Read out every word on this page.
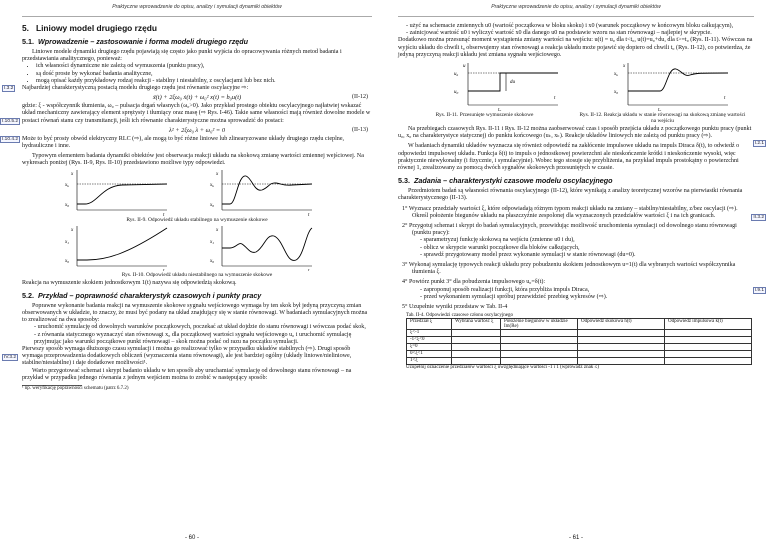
Praktyczne wprowadzenie do opisu, analizy i symulacji dynamiki obiektów
5. Liniowy model drugiego rzędu
5.1. Wprowadzenie – zastosowanie i forma modeli drugiego rzędu

Liniowe modele dynamiki drugiego rzędu pojawiają się często jako punkt wyjścia do opracowywania różnych metod badania i przedstawiania analitycznego, ponieważ:

• ich własności dynamiczne nie zależą od wymuszenia (punktu pracy),
• są dość proste by wykonać badania analityczne,
• mogą opisać każdy przykładowy rodzaj reakcji - stabilny i niestabilny, z oscylacjami lub bez nich.
I.3.2	Najbardziej charakterystyczną postacią modelu drugiego rzędu jest równanie oscylacyjne ⇨:

ẍ(t) + 2ξω₀ ẋ(t) + ω₀² x(t) = b₀u(t)	(II-12)
I.10.5.2

gdzie: ξ - współczynnik tłumienia, ω₀ – pulsacja drgań własnych (ω₀>0). Jako przykład prostego obiektu oscylacyjnego najłatwiej wskazać układ mechaniczny zawierający element sprężysty i tłumiący oraz masę (⇨ Rys. I-46). Takie same własności mają również dowolne modele w postaci równań stanu czy transmitancji, jeśli ich równanie charakterystyczne można sprowadzić do postaci:

λ² + 2ξω₀ λ + ω₀² = 0	(II-13)
I.10.4.2 Może to być prosty obwód elektryczny RLC (⇨), ale mogą to być różne liniowe lub zlinearyzowane układy drugiego rzędu cieplne, hydrauliczne i inne.

Typowym elementem badania dynamiki obiektów jest obserwacja reakcji układu na skokową zmianę wartości zmiennej wejściowej. Na wykresach poniżej (Rys. II-9, Rys. II-10) przedstawiono możliwe typy odpowiedzi.

x
t
$x_k$
$x_0$
x
t
$x_k$
$x_0$
Rys. II-9. Odpowiedź układu stabilnego na wymuszenie skokowe
x
$x_1$
$x_0$
x
$x_1$
$x_0$
Rys. II-10. Odpowiedź układu niestabilnego na wymuszenie skokowe

Reakcja na wymuszenie skokiem jednostkowym 1(t) nazywa się odpowiedzią skokową.

5.2. Przykład – poprawność charakterystyk czasowych i punkty pracy

Poprawne wykonanie badania reakcji na wymuszenie skokowe sygnału wejściowego wymaga by ten skok był jedyną przyczyną zmian obserwowanych w układzie, to znaczy, że musi być podany na układ znajdujący się w stanie równowagi. W badaniach symulacyjnych można to zrealizować na dwa sposoby:

- uruchomić symulację od dowolnych warunków początkowych, poczekać aż układ dojdzie do stanu równowagi i wówczas podać skok,
- z równania statycznego wyznaczyć stan równowagi x₀ dla początkowej wartości sygnału wejściowego u₀ i uruchomić symulację przyjmując jako warunki początkowe punkt równowagi – skok można podać od razu na początku symulacji.
IV.3.2

Pierwszy sposób wymaga dłuższego czasu symulacji i można go realizować tylko w przypadku układów stabilnych (⇨). Drugi sposób wymaga przeprowadzenia dodatkowych obliczeń (wyznaczenia stanu równowagi), ale jest bardziej ogólny (układy liniowe/nieliniowe, stabilne/niestabilne) i daje dodatkowe możliwości¹.

Warto przygotować schemat i skrypt badanio układu w ten sposób aby uruchamiać symulację od dowolnego stanu równowagi – na przykład w przypadku jednego równania z jednym wejściem można to zrobić w następujący sposób:

¹ np. weryfikację poprawności schematu (patrz 6.7.2)
- 60 -
Praktyczne wprowadzenie do opisu, analizy i symulacji dynamiki obiektów
- użyć na schemacie zmiennych u0 (wartość początkowa w bloku skoku) i x0 (warunek początkowy w końcowym bloku całkującym),
- zainicjować wartość u0 i wyliczyć wartość x0 dla danego u0 na podstawie wzoru na stan równowagi – najlepiej w skrypcie.

Dodatkowo można przesunąć moment wystąpienia zmiany wartości na wejściu: u(t) = u₀ dla t<t₀, u(t)=u₀+du, dla t>=t₀ (Rys. II-11). Wówczas na wyjściu układu do chwili t₀ obserwujemy stan równowagi a reakcja układu może pojawić się dopiero od chwili t₀ (Rys. II-12), co potwierdza, że jedyną przyczyną reakcji układu jest zmiana sygnału wejściowego.

u
t
$u_k$
$u_0$
$t_0$
du
x
t
$x_k$
$x_0$
$t_0$
Rys. II-11. Przesunięte wymuszenie skokowe	Rys. II-12. Reakcja układu w stanie równowagi na skokową zmianę wartości na wejściu
I.2.1

Na przebiegach czasowych Rys. II-11 i Rys. II-12 można zaobserwować czas i sposób przejścia układu z początkowego punktu pracy (punkt u₀, x₀ na charakterystyce statycznej) do punktu końcowego (uₖ, xₖ). Reakcje układów liniowych nie zależą od punktu pracy (⇨).

W badaniach dynamiki układów wyznacza się również odpowiedź na zakłócenie impulsowe układu na impuls Diraca δ(t), to odwiedź o odpowiedzi impulsowej układu. Funkcja δ(t) to impuls o jednostkowej powierzchni ale nieskończenie krótki i nieskończenie wysoki, więc praktycznie niewykonalny (i fizycznie, i symulacyjnie). Wobec tego stosuje się przybliżenia, na przykład impuls prostokątny o powierzchni równej 1, zrealizowany za pomocą dwóch sygnałów skokowych przesuniętych w czasie.

5.3. Zadania – charakterystyki czasowe modelu oscylacyjnego

Przedmiotem badań są własności równania oscylacyjnego (II-12), które wynikają z analizy teoretycznej wzorów na pierwiastki równania charakterystycznego (II-13).

II.3.2

1° Wyznacz przedziały wartości ξ, które odpowiadają różnym typom reakcji układu na zmiany – stabilny/niestabilny, z/bez oscylacji (⇨). Określ położenie biegunów układu na płaszczyźnie zespolonej dla wyznaczonych przedziałów wartości ξ i na ich granicach.

2° Przygotuj schemat i skrypt do badań symulacyjnych, przewidując możliwość uruchomienia symulacji od dowolnego stanu równowagi (punktu pracy):

- sparametryzuj funkcję skokową na wejściu (zmienne u0 i du),
- oblicz w skrypcie warunki początkowe dla bloków całkujących,
- sprawdź przygotowany model przez wykonanie symulacji w stanie równowagi (du=0).

3° Wykonaj symulację typowych reakcji układu przy pobudzeniu skokiem jednostkowym u=1(t) dla wybranych wartości współczynnika tłumienia ξ.

I.9.1

4° Powtórz punkt 3° dla pobudzenia impulsowego u₀=δ(t):

- zaproponuj sposób realizacji funkcji, która przybliża impuls Diraca,
- przed wykonaniem symulacji spróbuj przewidzieć przebieg wykresów (⇨).

5° Uzupełnie wyniki przedstaw w Tab. II-4

Tab. II-4. Odpowiedzi czasowe członu oscylacyjnego
Przedział ξ	Wybrana wartość ξ	Położenie biegunów w układzie Im(Re)	Odpowiedź skokowa h(t)	Odpowiedź impulsowa k(t)
ξ<-1				
-1<ξ<0				
ξ=0				
0<ξ<1				
1<ξ				
Uzupełnij oznaczenie przedziałów wartości ξ uwzględniające wartości -1 i 1 (wprowadź znak ≤)
- 61 -
